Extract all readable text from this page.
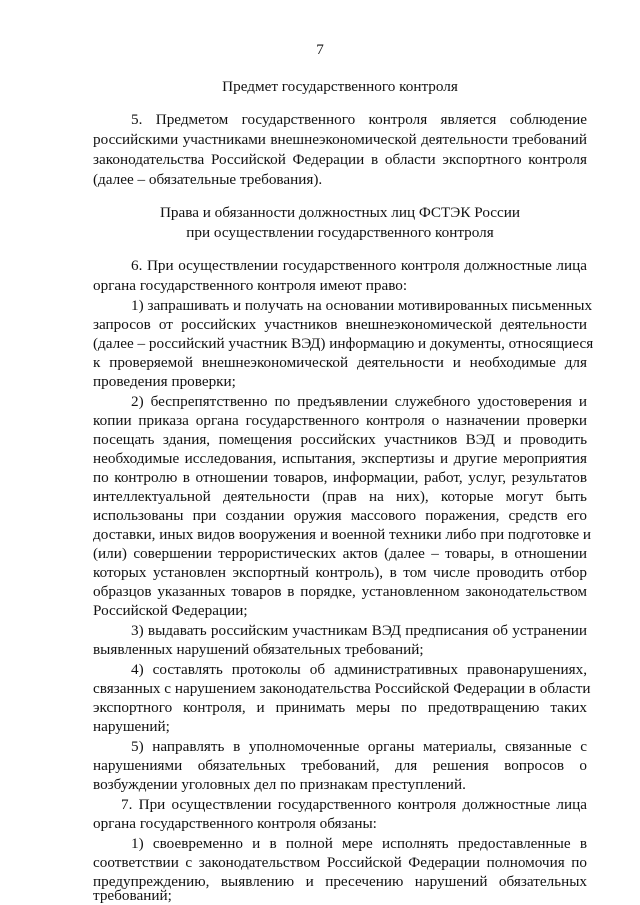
7
Предмет государственного контроля
5. Предметом государственного контроля является соблюдение
российскими участниками внешнеэкономической деятельности требований
законодательства Российской Федерации в области экспортного контроля
(далее – обязательные требования).
Права и обязанности должностных лиц ФСТЭК России
при осуществлении государственного контроля
6. При осуществлении государственного контроля должностные лица
органа государственного контроля имеют право:
1) запрашивать и получать на основании мотивированных письменных
запросов от российских участников внешнеэкономической деятельности
(далее – российский участник ВЭД) информацию и документы, относящиеся
к проверяемой внешнеэкономической деятельности и необходимые для
проведения проверки;
2) беспрепятственно по предъявлении служебного удостоверения и
копии приказа органа государственного контроля о назначении проверки
посещать здания, помещения российских участников ВЭД и проводить
необходимые исследования, испытания, экспертизы и другие мероприятия
по контролю в отношении товаров, информации, работ, услуг, результатов
интеллектуальной деятельности (прав на них), которые могут быть
использованы при создании оружия массового поражения, средств его
доставки, иных видов вооружения и военной техники либо при подготовке и
(или) совершении террористических актов (далее – товары, в отношении
которых установлен экспортный контроль), в том числе проводить отбор
образцов указанных товаров в порядке, установленном законодательством
Российской Федерации;
3) выдавать российским участникам ВЭД предписания об устранении
выявленных нарушений обязательных требований;
4) составлять протоколы об административных правонарушениях,
связанных с нарушением законодательства Российской Федерации в области
экспортного контроля, и принимать меры по предотвращению таких
нарушений;
5) направлять в уполномоченные органы материалы, связанные с
нарушениями обязательных требований, для решения вопросов о
возбуждении уголовных дел по признакам преступлений.
7. При осуществлении государственного контроля должностные лица
органа государственного контроля обязаны:
1) своевременно и в полной мере исполнять предоставленные в
соответствии с законодательством Российской Федерации полномочия по
предупреждению, выявлению и пресечению нарушений обязательных
требований;
